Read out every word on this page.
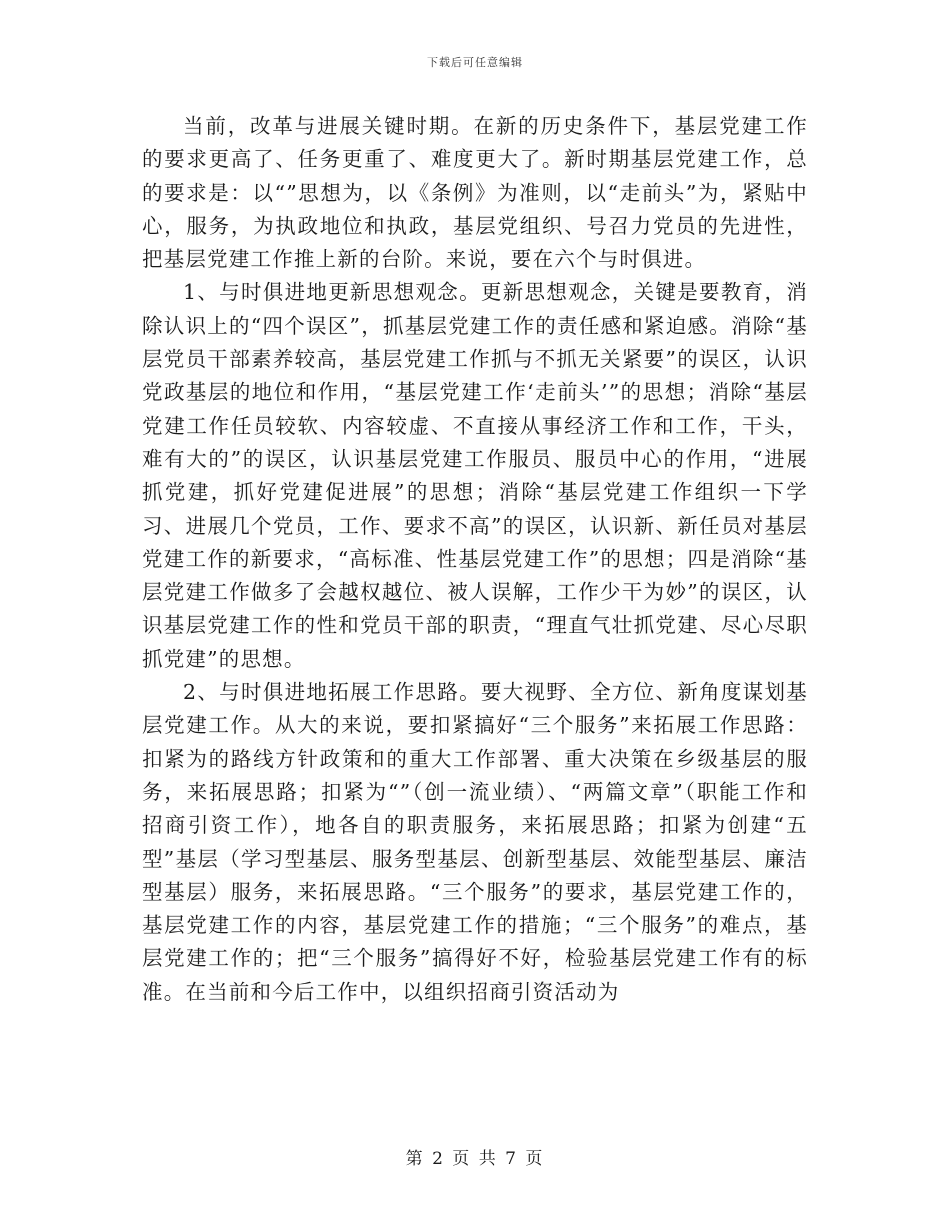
下载后可任意编辑

当前，改革与进展关键时期。在新的历史条件下，基层党建工作的要求更高了、任务更重了、难度更大了。新时期基层党建工作，总的要求是：以“”思想为，以《条例》为准则，以“走前头”为，紧贴中心，服务，为执政地位和执政，基层党组织、号召力党员的先进性，把基层党建工作推上新的台阶。来说，要在六个与时俱进。

1、与时俱进地更新思想观念。更新思想观念，关键是要教育，消除认识上的“四个误区”，抓基层党建工作的责任感和紧迫感。消除“基层党员干部素养较高，基层党建工作抓与不抓无关紧要”的误区，认识党政基层的地位和作用，“基层党建工作‘走前头’”的思想；消除“基层党建工作任员较软、内容较虚、不直接从事经济工作和工作，干头，难有大的”的误区，认识基层党建工作服员、服员中心的作用，“进展抓党建，抓好党建促进展”的思想；消除“基层党建工作组织一下学习、进展几个党员，工作、要求不高”的误区，认识新、新任员对基层党建工作的新要求，“高标准、性基层党建工作”的思想；四是消除“基层党建工作做多了会越权越位、被人误解，工作少干为妙”的误区，认识基层党建工作的性和党员干部的职责，“理直气壮抓党建、尽心尽职抓党建”的思想。

2、与时俱进地拓展工作思路。要大视野、全方位、新角度谋划基层党建工作。从大的来说，要扣紧搞好“三个服务”来拓展工作思路：扣紧为的路线方针政策和的重大工作部署、重大决策在乡级基层的服务，来拓展思路；扣紧为“”（创一流业绩）、“两篇文章”（职能工作和招商引资工作），地各自的职责服务，来拓展思路；扣紧为创建“五型”基层（学习型基层、服务型基层、创新型基层、效能型基层、廉洁型基层）服务，来拓展思路。“三个服务”的要求，基层党建工作的，基层党建工作的内容，基层党建工作的措施；“三个服务”的难点，基层党建工作的；把“三个服务”搞得好不好，检验基层党建工作有的标准。在当前和今后工作中，以组织招商引资活动为

第 2 页 共 7 页
